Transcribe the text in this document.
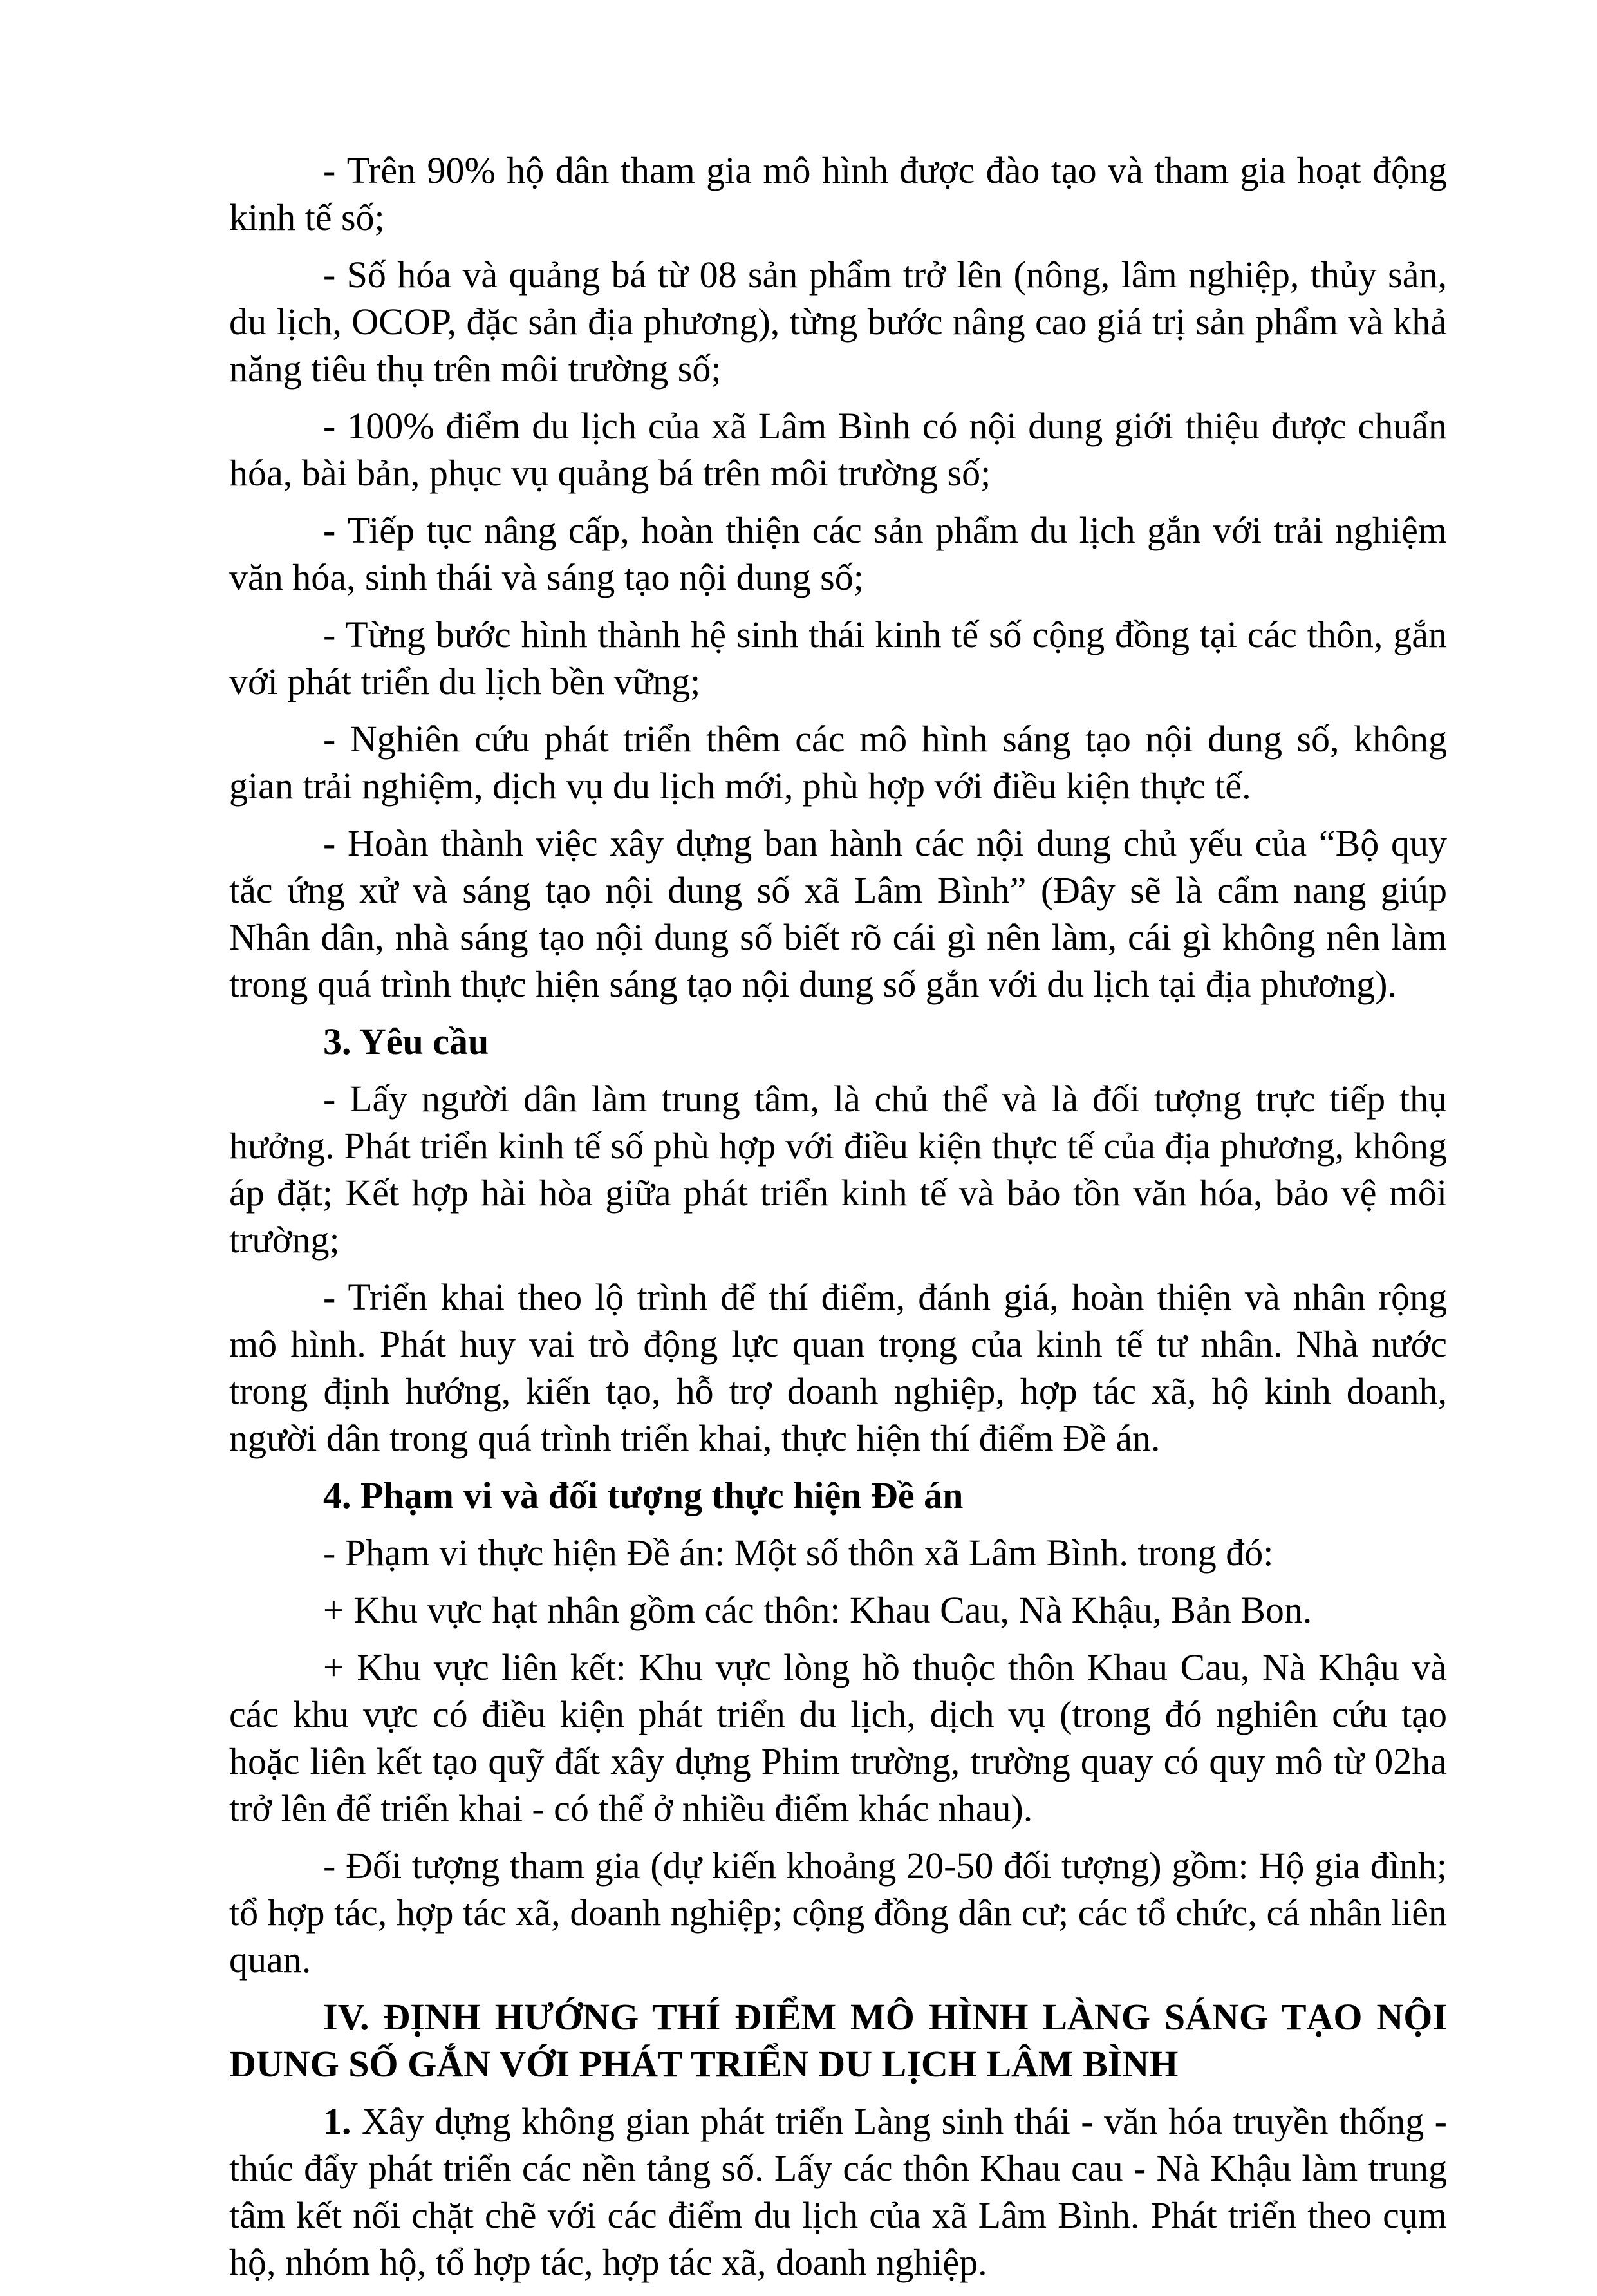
- Trên 90% hộ dân tham gia mô hình được đào tạo và tham gia hoạt động kinh tế số;

- Số hóa và quảng bá từ 08 sản phẩm trở lên (nông, lâm nghiệp, thủy sản, du lịch, OCOP, đặc sản địa phương), từng bước nâng cao giá trị sản phẩm và khả năng tiêu thụ trên môi trường số;

- 100% điểm du lịch của xã Lâm Bình có nội dung giới thiệu được chuẩn hóa, bài bản, phục vụ quảng bá trên môi trường số;

- Tiếp tục nâng cấp, hoàn thiện các sản phẩm du lịch gắn với trải nghiệm văn hóa, sinh thái và sáng tạo nội dung số;

- Từng bước hình thành hệ sinh thái kinh tế số cộng đồng tại các thôn, gắn với phát triển du lịch bền vững;

- Nghiên cứu phát triển thêm các mô hình sáng tạo nội dung số, không gian trải nghiệm, dịch vụ du lịch mới, phù hợp với điều kiện thực tế.

- Hoàn thành việc xây dựng ban hành các nội dung chủ yếu của “Bộ quy tắc ứng xử và sáng tạo nội dung số xã Lâm Bình” (Đây sẽ là cẩm nang giúp Nhân dân, nhà sáng tạo nội dung số biết rõ cái gì nên làm, cái gì không nên làm trong quá trình thực hiện sáng tạo nội dung số gắn với du lịch tại địa phương).

3. Yêu cầu

- Lấy người dân làm trung tâm, là chủ thể và là đối tượng trực tiếp thụ hưởng. Phát triển kinh tế số phù hợp với điều kiện thực tế của địa phương, không áp đặt; Kết hợp hài hòa giữa phát triển kinh tế và bảo tồn văn hóa, bảo vệ môi trường;

- Triển khai theo lộ trình để thí điểm, đánh giá, hoàn thiện và nhân rộng mô hình. Phát huy vai trò động lực quan trọng của kinh tế tư nhân. Nhà nước trong định hướng, kiến tạo, hỗ trợ doanh nghiệp, hợp tác xã, hộ kinh doanh, người dân trong quá trình triển khai, thực hiện thí điểm Đề án.

4. Phạm vi và đối tượng thực hiện Đề án

- Phạm vi thực hiện Đề án: Một số thôn xã Lâm Bình. trong đó:

+ Khu vực hạt nhân gồm các thôn: Khau Cau, Nà Khậu, Bản Bon.

+ Khu vực liên kết: Khu vực lòng hồ thuộc thôn Khau Cau, Nà Khậu và các khu vực có điều kiện phát triển du lịch, dịch vụ (trong đó nghiên cứu tạo hoặc liên kết tạo quỹ đất xây dựng Phim trường, trường quay có quy mô từ 02ha trở lên để triển khai - có thể ở nhiều điểm khác nhau).

- Đối tượng tham gia (dự kiến khoảng 20-50 đối tượng) gồm: Hộ gia đình; tổ hợp tác, hợp tác xã, doanh nghiệp; cộng đồng dân cư; các tổ chức, cá nhân liên quan.

IV. ĐỊNH HƯỚNG THÍ ĐIỂM MÔ HÌNH LÀNG SÁNG TẠO NỘI DUNG SỐ GẮN VỚI PHÁT TRIỂN DU LỊCH LÂM BÌNH

1. Xây dựng không gian phát triển Làng sinh thái - văn hóa truyền thống - thúc đẩy phát triển các nền tảng số. Lấy các thôn Khau cau - Nà Khậu làm trung tâm kết nối chặt chẽ với các điểm du lịch của xã Lâm Bình. Phát triển theo cụm hộ, nhóm hộ, tổ hợp tác, hợp tác xã, doanh nghiệp.
